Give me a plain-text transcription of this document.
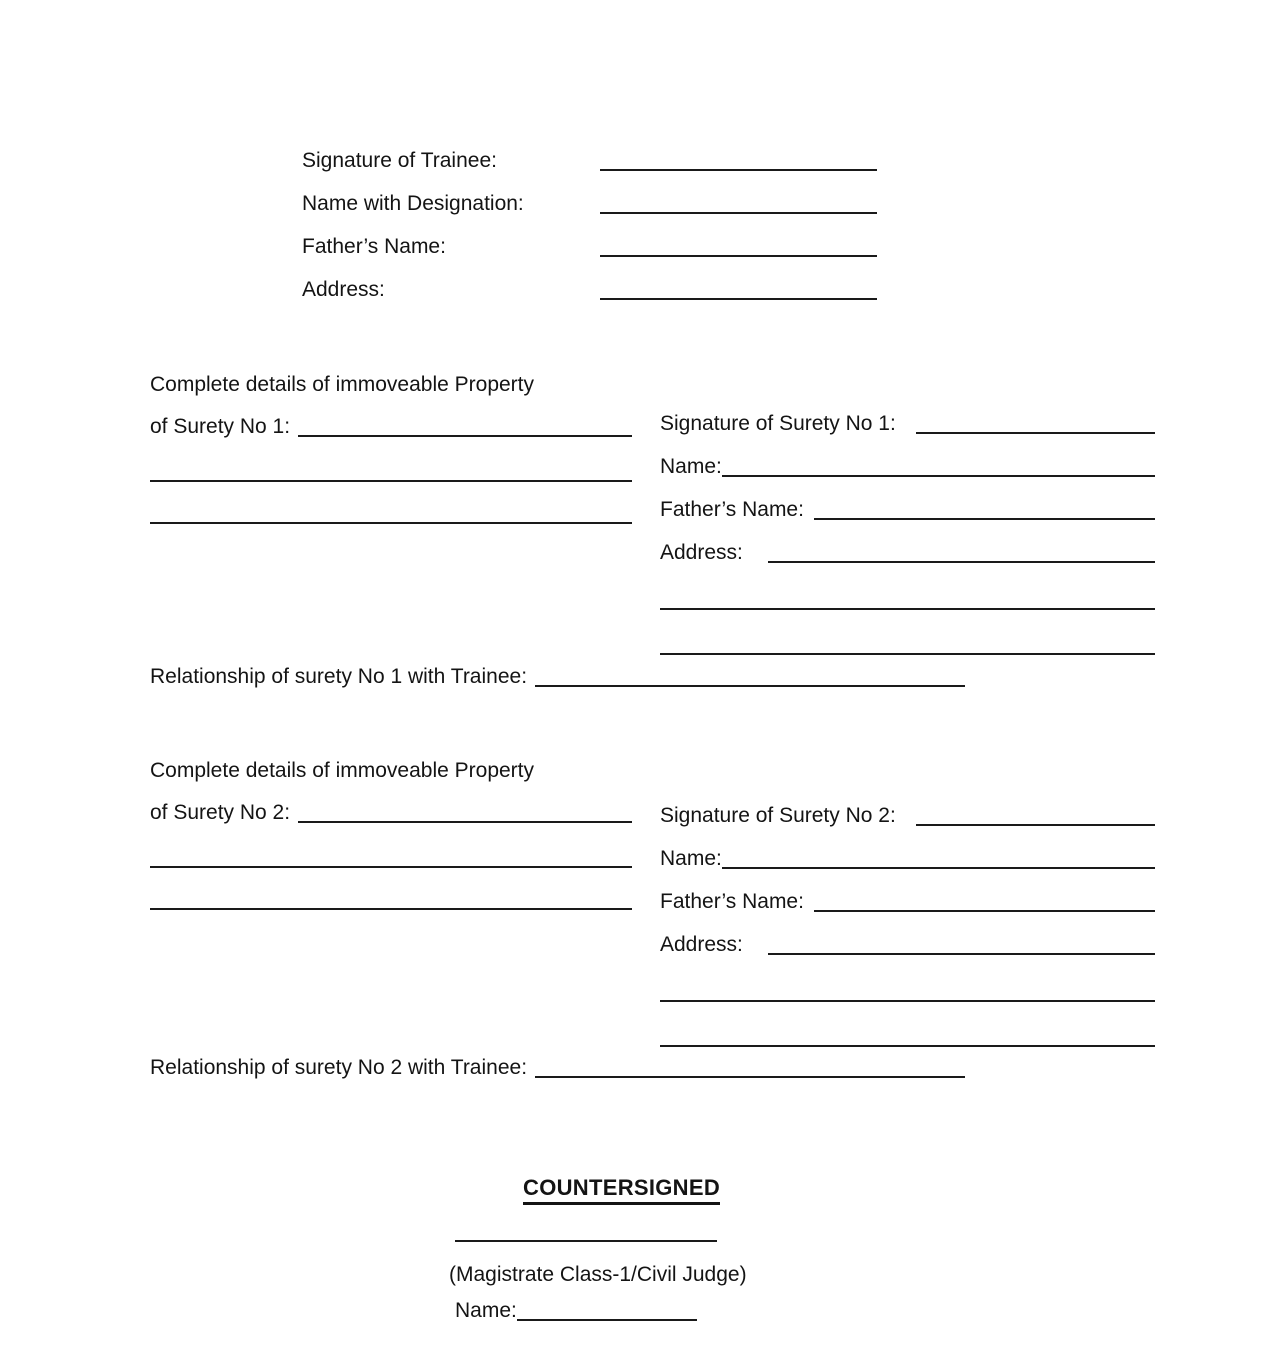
Signature of Trainee:
Name with Designation:
Father’s Name:
Address:
Complete details of immoveable Property
of Surety No 1:	Signature of Surety No 1:
Name:
Father’s Name:
Address:
Relationship of surety No 1 with Trainee:
Complete details of immoveable Property
of Surety No 2:	Signature of Surety No 2:
Name:
Father’s Name:
Address:
Relationship of surety No 2 with Trainee:
COUNTERSIGNED
(Magistrate Class-1/Civil Judge)
Name:
